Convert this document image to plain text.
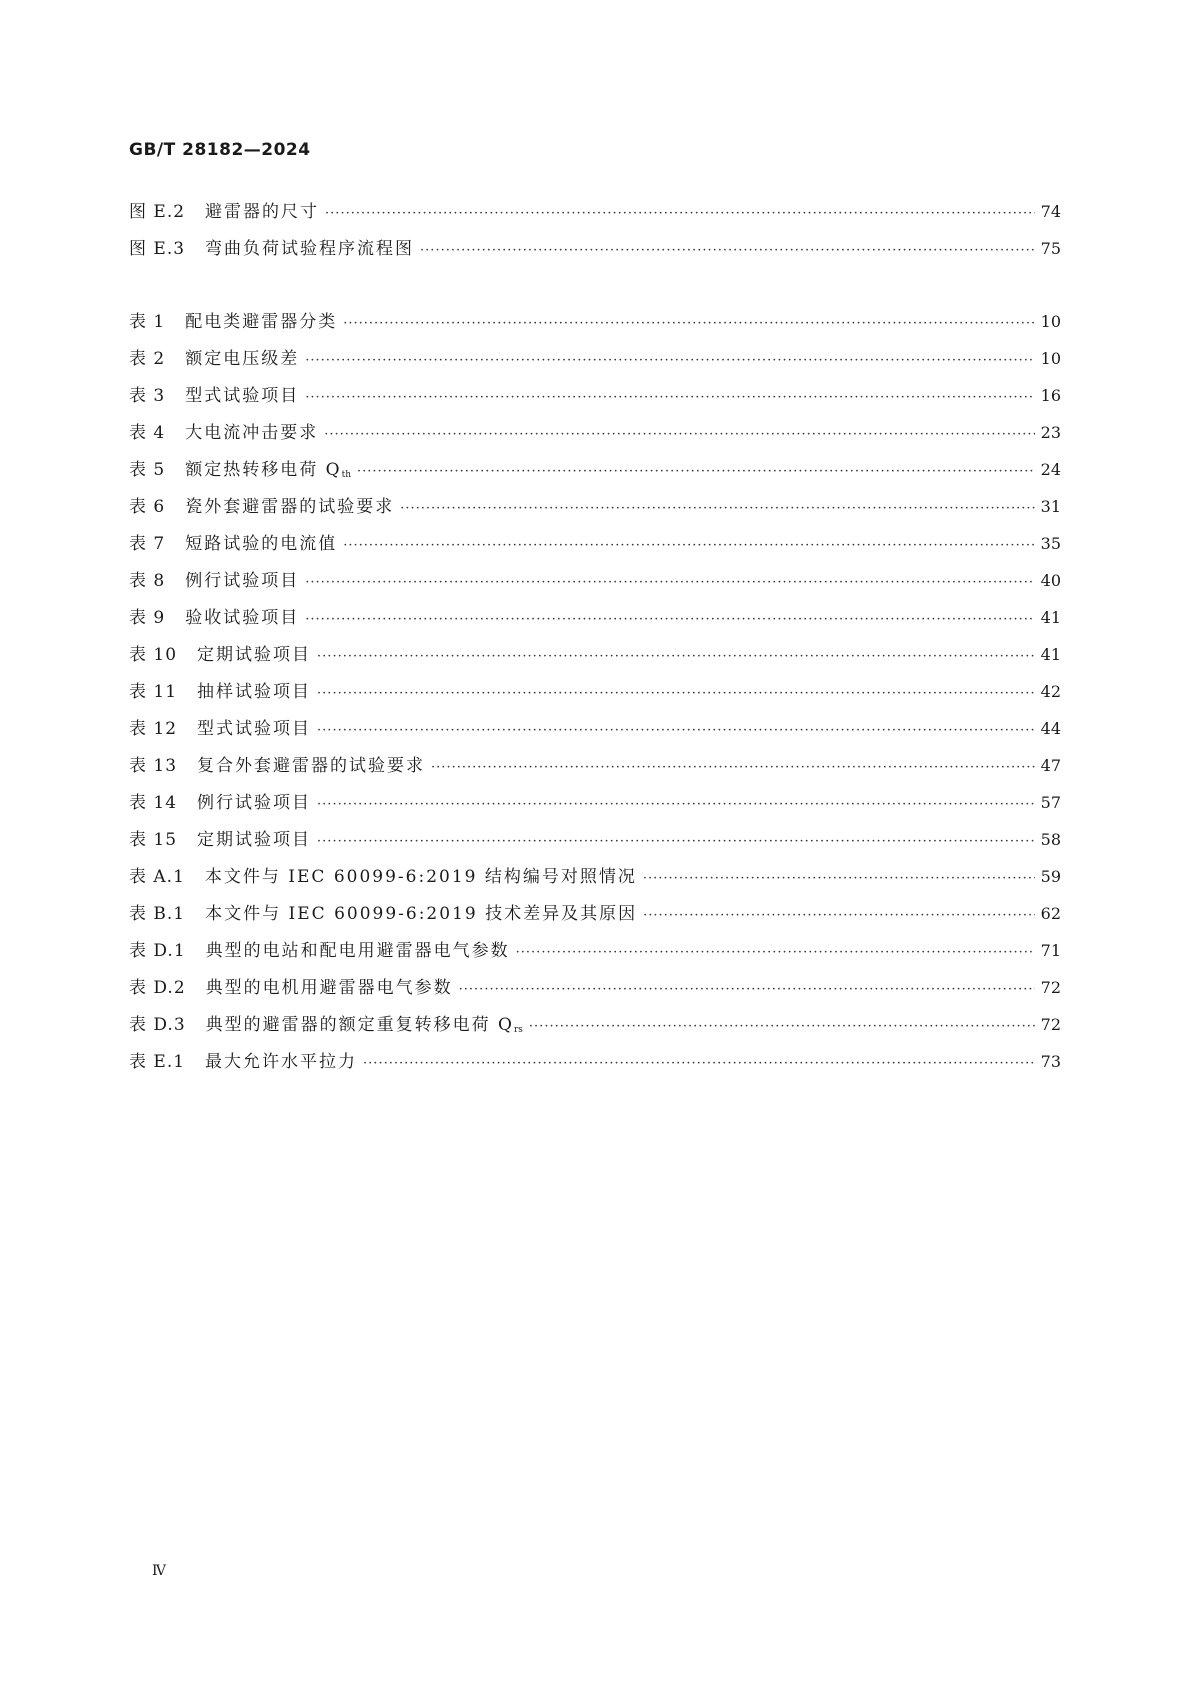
GB/T 28182—2024
图 E.2 避雷器的尺寸 ·····	74
图 E.3 弯曲负荷试验程序流程图 ·····	75
表 1 配电类避雷器分类 ·····	10
表 2 额定电压级差 ·····	10
表 3 型式试验项目 ·····	16
表 4 大电流冲击要求 ·····	23
表 5 额定热转移电荷 $Q_{th}$ ·····	24
表 6 瓷外套避雷器的试验要求 ·····	31
表 7 短路试验的电流值 ·····	35
表 8 例行试验项目 ·····	40
表 9 验收试验项目 ·····	41
表 10 定期试验项目 ·····	41
表 11 抽样试验项目 ·····	42
表 12 型式试验项目 ·····	44
表 13 复合外套避雷器的试验要求 ·····	47
表 14 例行试验项目 ·····	57
表 15 定期试验项目 ·····	58
表 A.1 本文件与 IEC 60099-6:2019 结构编号对照情况 ·····	59
表 B.1 本文件与 IEC 60099-6:2019 技术差异及其原因 ·····	62
表 D.1 典型的电站和配电用避雷器电气参数 ·····	71
表 D.2 典型的电机用避雷器电气参数 ·····	72
表 D.3 典型的避雷器的额定重复转移电荷 $Q_{rs}$ ·····	72
表 E.1 最大允许水平拉力 ·····	73
Ⅳ
